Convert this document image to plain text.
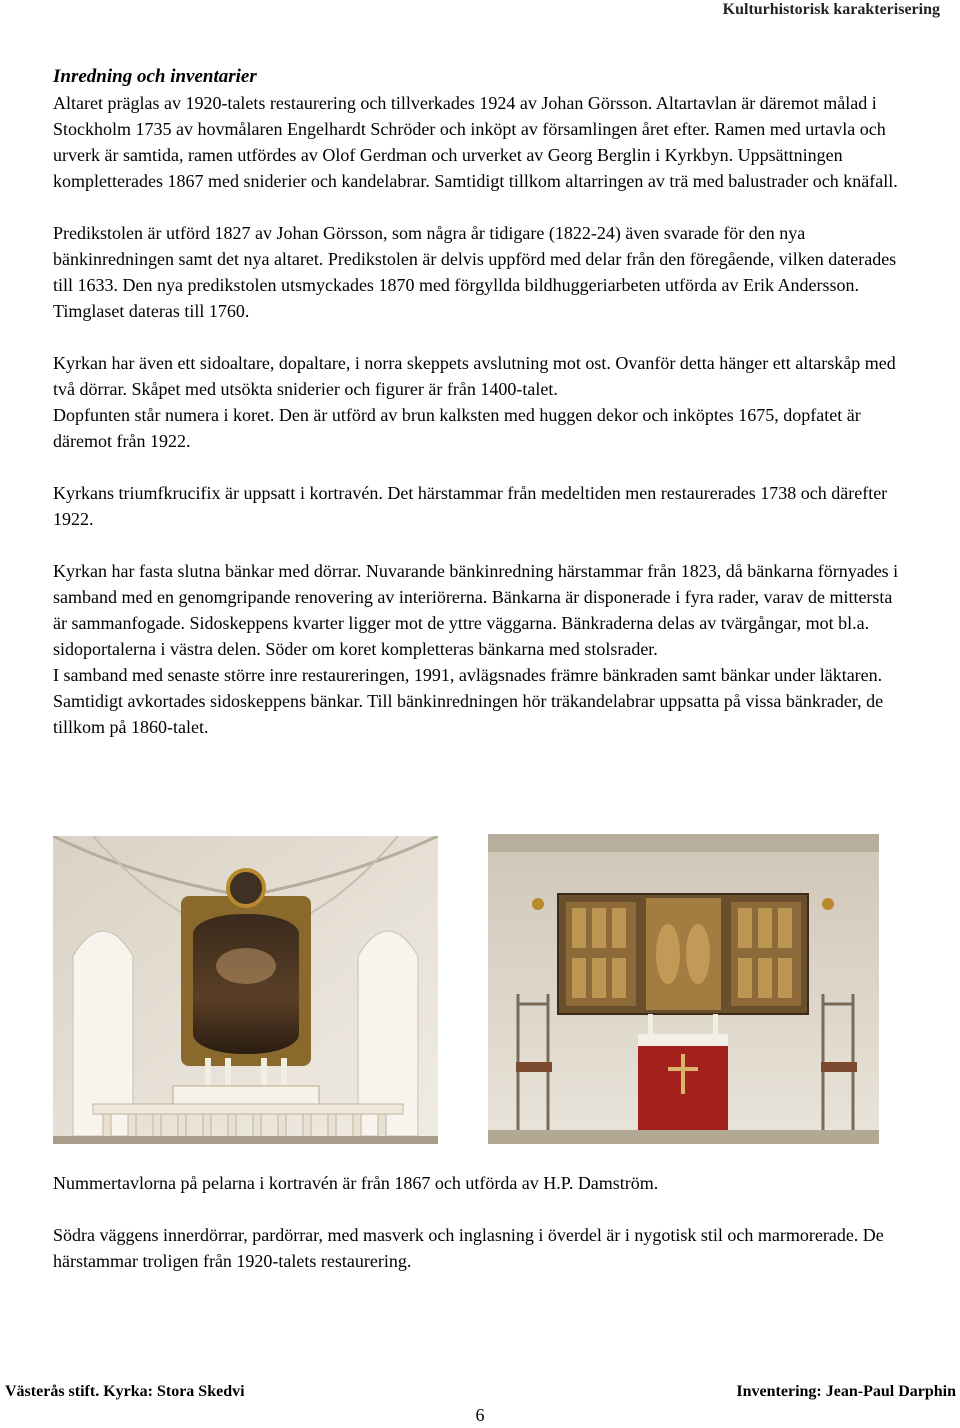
Kulturhistorisk karakterisering

Inredning och inventarier

Altaret präglas av 1920-talets restaurering och tillverkades 1924 av Johan Görsson. Altartavlan är däremot målad i Stockholm 1735 av hovmålaren Engelhardt Schröder och inköpt av församlingen året efter. Ramen med urtavla och urverk är samtida, ramen utfördes av Olof Gerdman och urverket av Georg Berglin i Kyrkbyn. Uppsättningen kompletterades 1867 med sniderier och kandelabrar. Samtidigt tillkom altarringen av trä med balustrader och knäfall.

Predikstolen är utförd 1827 av Johan Görsson, som några år tidigare (1822-24) även svarade för den nya bänkinredningen samt det nya altaret. Predikstolen är delvis uppförd med delar från den föregående, vilken daterades till 1633. Den nya predikstolen utsmyckades 1870 med förgyllda bildhuggeriarbeten utförda av Erik Andersson. Timglaset dateras till 1760.

Kyrkan har även ett sidoaltare, dopaltare, i norra skeppets avslutning mot ost. Ovanför detta hänger ett altarskåp med två dörrar. Skåpet med utsökta sniderier och figurer är från 1400-talet.

Dopfunten står numera i koret. Den är utförd av brun kalksten med huggen dekor och inköptes 1675, dopfatet är däremot från 1922.

Kyrkans triumfkrucifix är uppsatt i kortravén. Det härstammar från medeltiden men restaurerades 1738 och därefter 1922.

Kyrkan har fasta slutna bänkar med dörrar. Nuvarande bänkinredning härstammar från 1823, då bänkarna förnyades i samband med en genomgripande renovering av interiörerna. Bänkarna är disponerade i fyra rader, varav de mittersta är sammanfogade. Sidoskeppens kvarter ligger mot de yttre väggarna. Bänkraderna delas av tvärgångar, mot bl.a. sidoportalerna i västra delen. Söder om koret kompletteras bänkarna med stolsrader.

I samband med senaste större inre restaureringen, 1991, avlägsnades främre bänkraden samt bänkar under läktaren. Samtidigt avkortades sidoskeppens bänkar. Till bänkinredningen hör träkandelabrar uppsatta på vissa bänkrader, de tillkom på 1860-talet.

Nummertavlorna på pelarna i kortravén är från 1867 och utförda av H.P. Damström.

Södra väggens innerdörrar, pardörrar, med masverk och inglasning i överdel är i nygotisk stil och marmorerade. De härstammar troligen från 1920-talets restaurering.

Västerås stift. Kyrka: Stora Skedvi	Inventering: Jean-Paul Darphin
6
